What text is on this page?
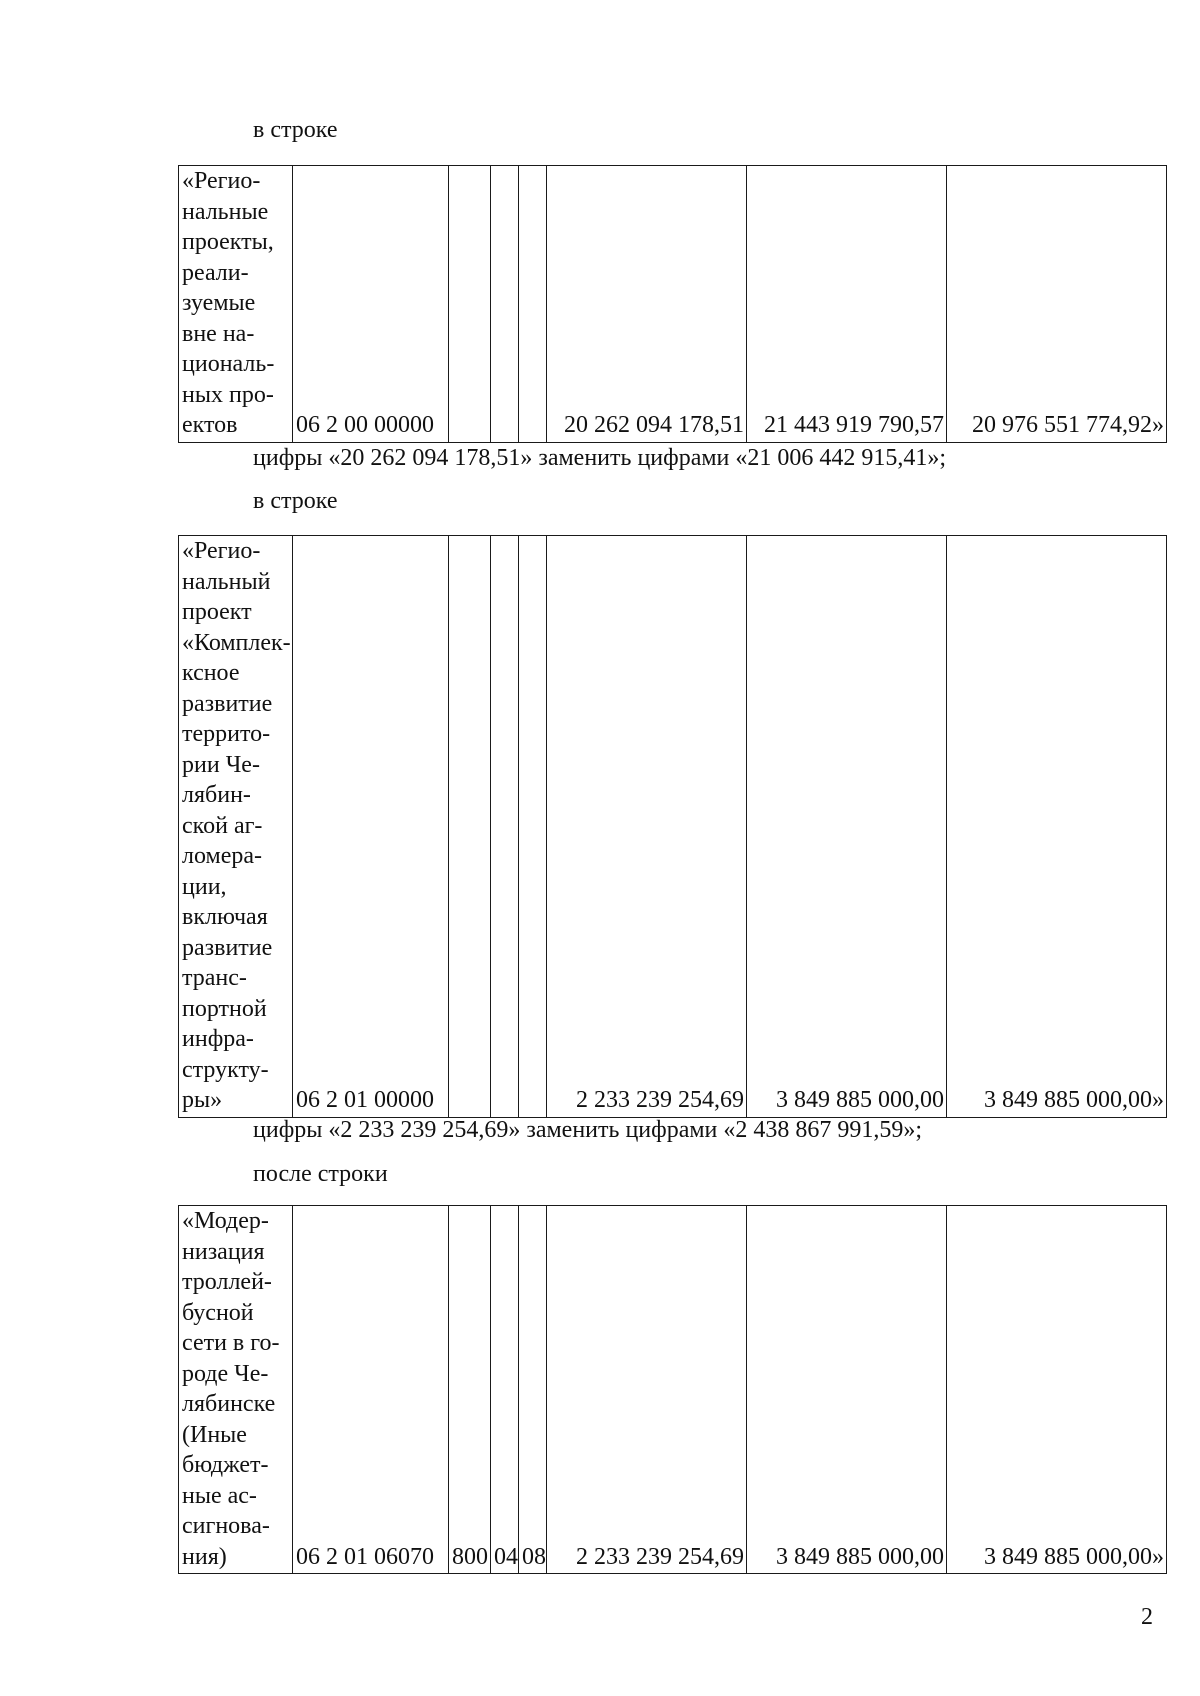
в строке
«Регио-
нальные
проекты,
реали-
зуемые
вне на-
циональ-
ных про-
ектов	06 2 00 00000				20 262 094 178,51	21 443 919 790,57	20 976 551 774,92»
цифры «20 262 094 178,51» заменить цифрами «21 006 442 915,41»;
в строке
«Регио-
нальный
проект
«Комплек-
ксное
развитие
террито-
рии Че-
лябин-
ской аг-
ломера-
ции,
включая
развитие
транс-
портной
инфра-
структу-
ры»	06 2 01 00000				2 233 239 254,69	3 849 885 000,00	3 849 885 000,00»
цифры «2 233 239 254,69» заменить цифрами «2 438 867 991,59»;
после строки
«Модер-
низация
троллей-
бусной
сети в го-
роде Че-
лябинске
(Иные
бюджет-
ные ас-
сигнова-
ния)	06 2 01 06070	800	04	08	2 233 239 254,69	3 849 885 000,00	3 849 885 000,00»
2
